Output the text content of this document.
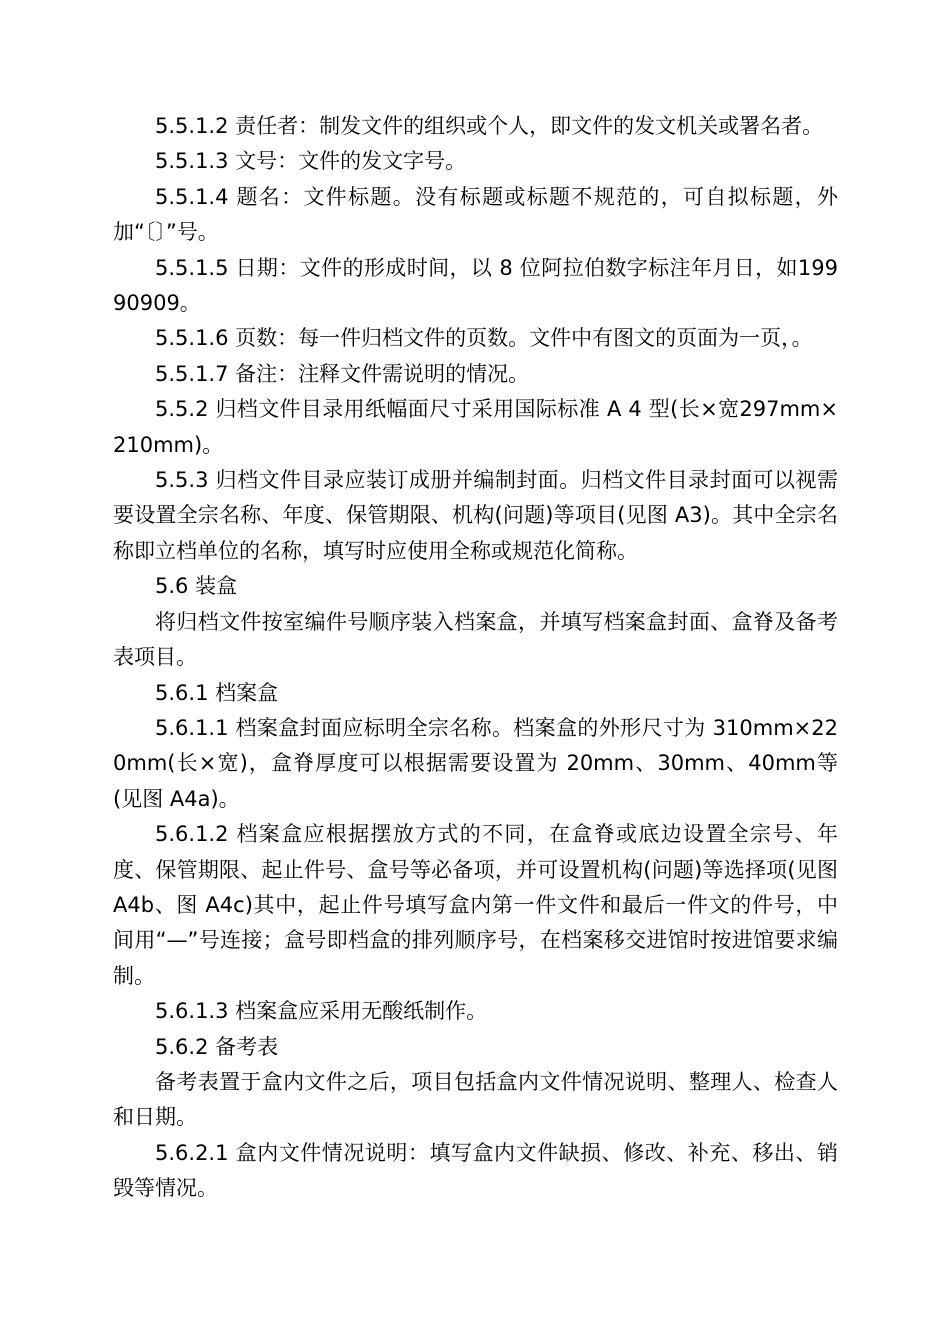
5.5.1.2 责任者：制发文件的组织或个人，即文件的发文机关或署名者。

5.5.1.3 文号：文件的发文字号。

5.5.1.4 题名：文件标题。没有标题或标题不规范的，可自拟标题，外加“〔〕”号。

5.5.1.5 日期：文件的形成时间，以 8 位阿拉伯数字标注年月日，如19990909。

5.5.1.6 页数：每一件归档文件的页数。文件中有图文的页面为一页，。

5.5.1.7 备注：注释文件需说明的情况。

5.5.2 归档文件目录用纸幅面尺寸采用国际标准 A 4 型(长×宽297mm×210mm)。

5.5.3 归档文件目录应装订成册并编制封面。归档文件目录封面可以视需要设置全宗名称、年度、保管期限、机构(问题)等项目(见图 A3)。其中全宗名称即立档单位的名称，填写时应使用全称或规范化简称。

5.6 装盒

将归档文件按室编件号顺序装入档案盒，并填写档案盒封面、盒脊及备考表项目。

5.6.1 档案盒

5.6.1.1 档案盒封面应标明全宗名称。档案盒的外形尺寸为 310mm×220mm(长×宽)，盒脊厚度可以根据需要设置为 20mm、30mm、40mm等(见图 A4a)。

5.6.1.2 档案盒应根据摆放方式的不同，在盒脊或底边设置全宗号、年度、保管期限、起止件号、盒号等必备项，并可设置机构(问题)等选择项(见图 A4b、图 A4c)其中，起止件号填写盒内第一件文件和最后一件文的件号，中间用“—”号连接；盒号即档盒的排列顺序号，在档案移交进馆时按进馆要求编制。

5.6.1.3 档案盒应采用无酸纸制作。

5.6.2 备考表

备考表置于盒内文件之后，项目包括盒内文件情况说明、整理人、检查人和日期。

5.6.2.1 盒内文件情况说明：填写盒内文件缺损、修改、补充、移出、销毁等情况。
